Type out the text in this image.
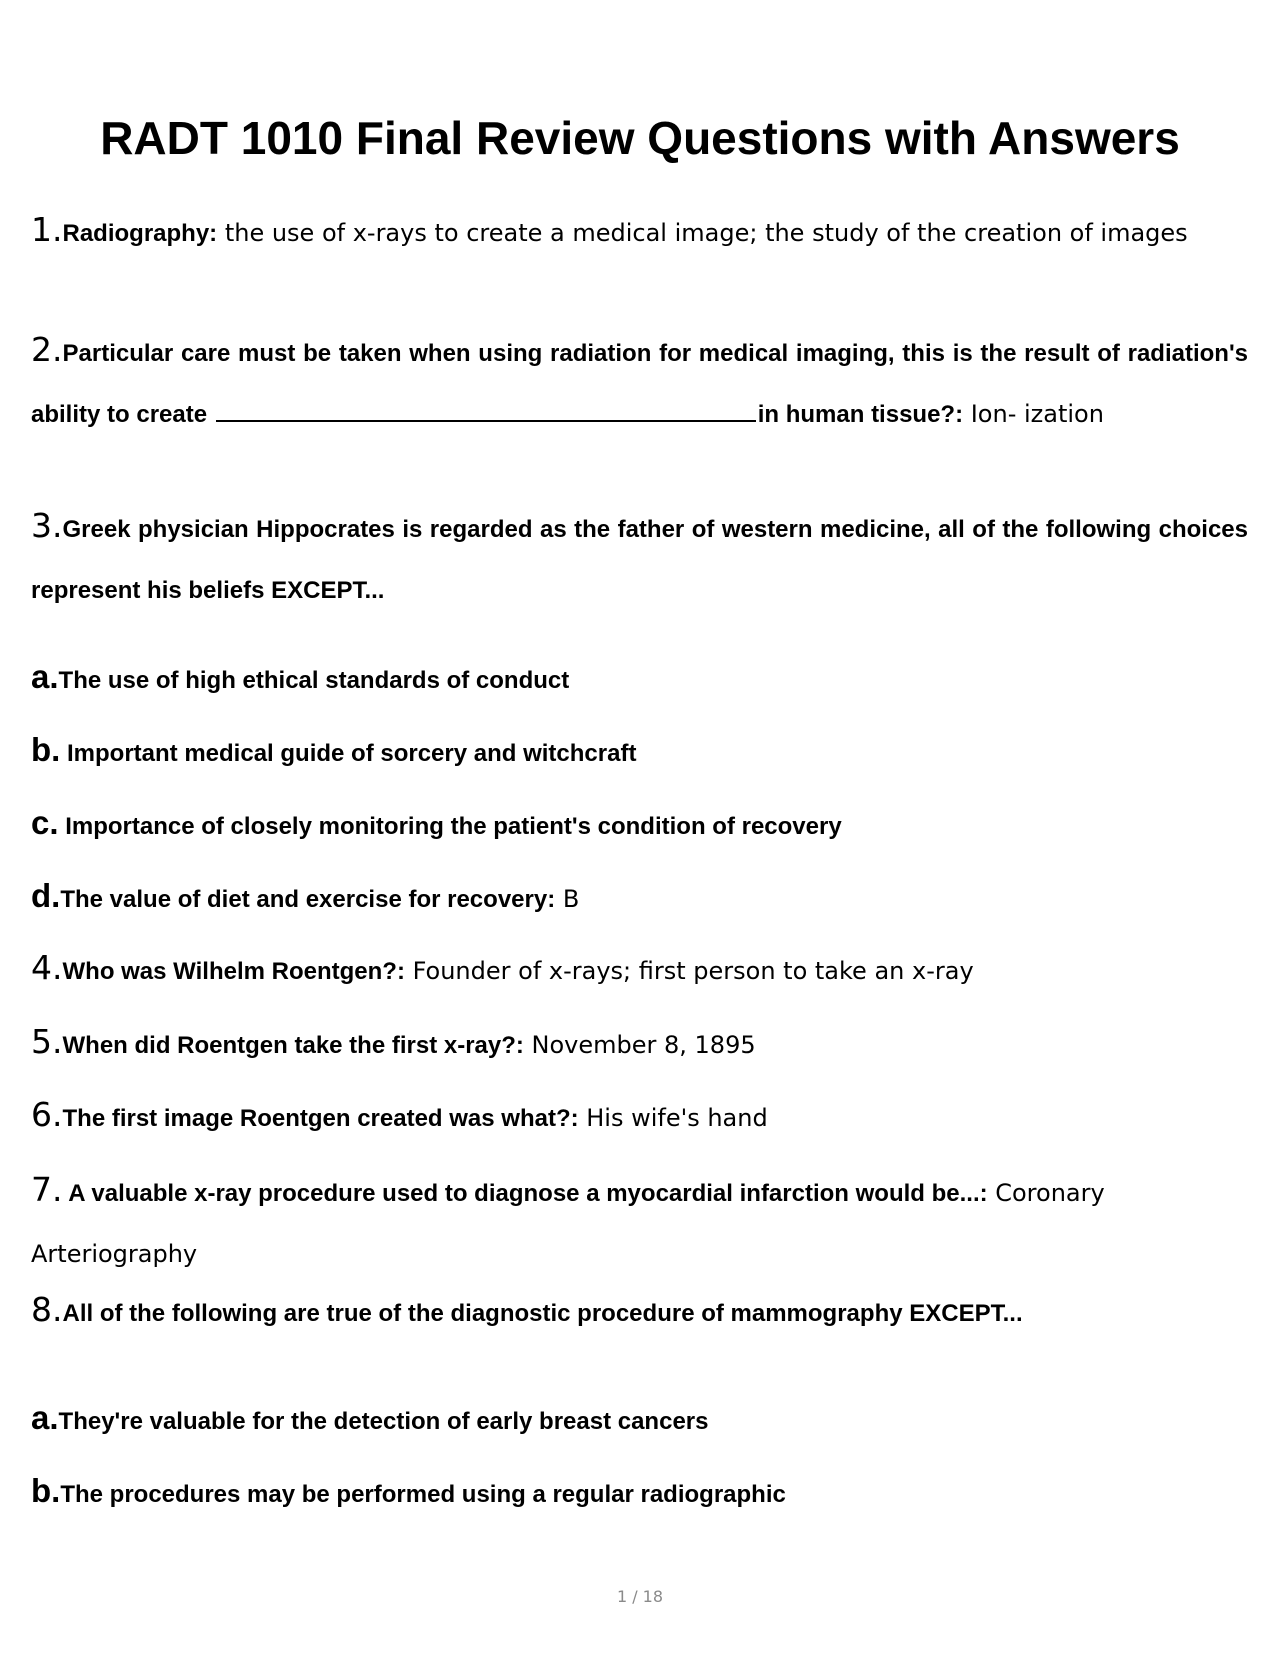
RADT 1010 Final Review Questions with Answers
1.Radiography: the use of x-rays to create a medical image; the study of the creation of images
2.Particular care must be taken when using radiation for medical imaging, this is the result of radiation's ability to create	in human tissue?: Ion- ization
3.Greek physician Hippocrates is regarded as the father of western medicine, all of the following choices represent his beliefs EXCEPT...
a.The use of high ethical standards of conduct
b. Important medical guide of sorcery and witchcraft
c. Importance of closely monitoring the patient's condition of recovery
d.The value of diet and exercise for recovery: B
4.Who was Wilhelm Roentgen?: Founder of x-rays; first person to take an x-ray
5.When did Roentgen take the first x-ray?: November 8, 1895
6.The first image Roentgen created was what?: His wife's hand
7. A valuable x-ray procedure used to diagnose a myocardial infarction would be...: Coronary Arteriography
8.All of the following are true of the diagnostic procedure of mammography EXCEPT...
a.They're valuable for the detection of early breast cancers
b.The procedures may be performed using a regular radiographic
1 / 18
